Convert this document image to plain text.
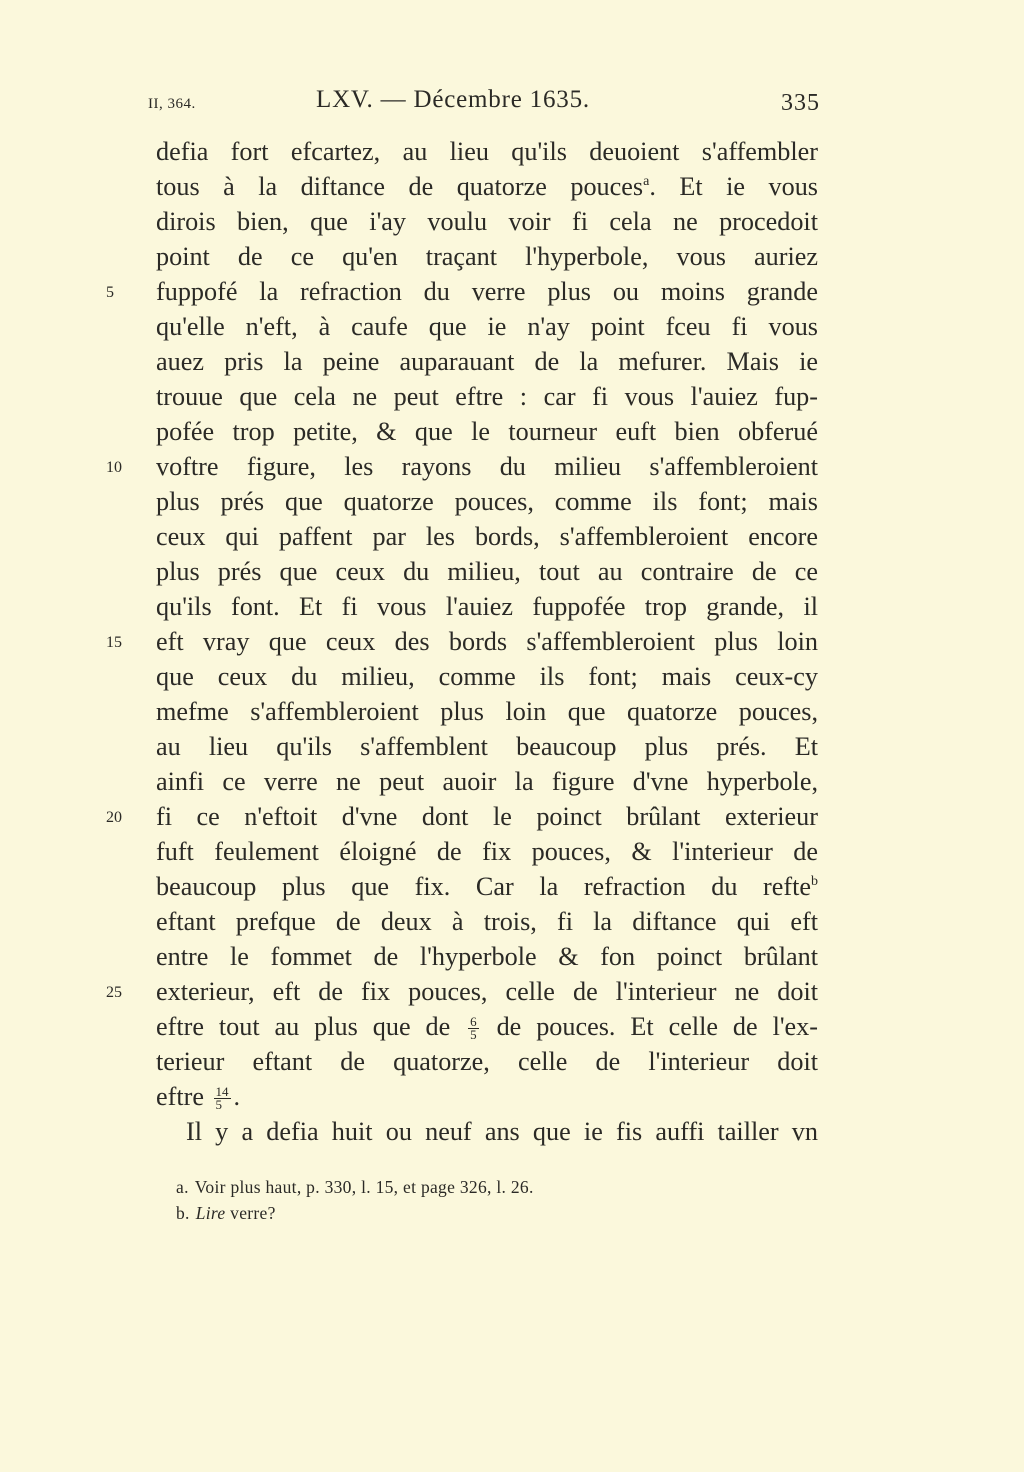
II, 364.	LXV. — Décembre 1635.	335
defia fort efcartez, au lieu qu'ils deuoient s'affembler
tous à la diftance de quatorze pouces$^a$. Et ie vous
dirois bien, que i'ay voulu voir fi cela ne procedoit
point de ce qu'en traçant l'hyperbole, vous auriez
5	fuppofé la refraction du verre plus ou moins grande
qu'elle n'eft, à caufe que ie n'ay point fceu fi vous
auez pris la peine auparauant de la mefurer. Mais ie
trouue que cela ne peut eftre : car fi vous l'auiez fup-
pofée trop petite, & que le tourneur euft bien obferué
10	voftre figure, les rayons du milieu s'affembleroient
plus prés que quatorze pouces, comme ils font; mais
ceux qui paffent par les bords, s'affembleroient encore
plus prés que ceux du milieu, tout au contraire de ce
qu'ils font. Et fi vous l'auiez fuppofée trop grande, il
15	eft vray que ceux des bords s'affembleroient plus loin
que ceux du milieu, comme ils font; mais ceux-cy
mefme s'affembleroient plus loin que quatorze pouces,
au lieu qu'ils s'affemblent beaucoup plus prés. Et
ainfi ce verre ne peut auoir la figure d'vne hyperbole,
20	fi ce n'eftoit d'vne dont le poinct brûlant exterieur
fuft feulement éloigné de fix pouces, & l'interieur de
beaucoup plus que fix. Car la refraction du refte$^b$
eftant prefque de deux à trois, fi la diftance qui eft
entre le fommet de l'hyperbole & fon poinct brûlant
25	exterieur, eft de fix pouces, celle de l'interieur ne doit
eftre tout au plus que de $\frac{6}{5}$ de pouces. Et celle de l'ex-
terieur eftant de quatorze, celle de l'interieur doit
eftre $\frac{14}{5}$ .
Il y a defia huit ou neuf ans que ie fis auffi tailler vn
a. Voir plus haut, p. 330, l. 15, et page 326, l. 26.
b. Lire verre?
